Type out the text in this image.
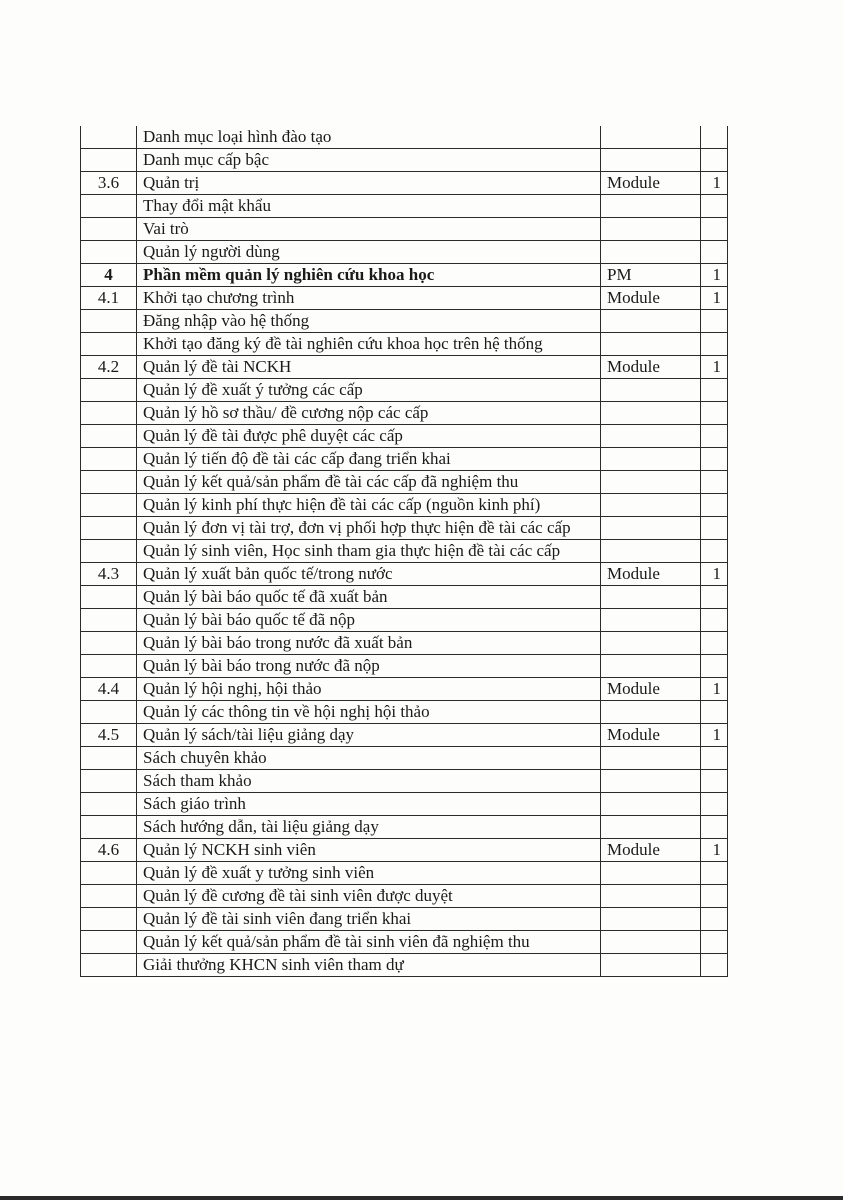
	Danh mục loại hình đào tạo		
	Danh mục cấp bậc		
3.6	Quản trị	Module	1
	Thay đổi mật khẩu		
	Vai trò		
	Quản lý người dùng		
4	Phần mềm quản lý nghiên cứu khoa học	PM	1
4.1	Khởi tạo chương trình	Module	1
	Đăng nhập vào hệ thống		
	Khởi tạo đăng ký đề tài nghiên cứu khoa học trên hệ thống		
4.2	Quản lý đề tài NCKH	Module	1
	Quản lý đề xuất ý tưởng các cấp		
	Quản lý hồ sơ thầu/ đề cương nộp các cấp		
	Quản lý đề tài được phê duyệt các cấp		
	Quản lý tiến độ đề tài các cấp đang triển khai		
	Quản lý kết quả/sản phẩm đề tài các cấp đã nghiệm thu		
	Quản lý kinh phí thực hiện đề tài các cấp (nguồn kinh phí)		
	Quản lý đơn vị tài trợ, đơn vị phối hợp thực hiện đề tài các cấp		
	Quản lý sinh viên, Học sinh tham gia thực hiện đề tài các cấp		
4.3	Quản lý xuất bản quốc tế/trong nước	Module	1
	Quản lý bài báo quốc tế đã xuất bản		
	Quản lý bài báo quốc tế đã nộp		
	Quản lý bài báo trong nước đã xuất bản		
	Quản lý bài báo trong nước đã nộp		
4.4	Quản lý hội nghị, hội thảo	Module	1
	Quản lý các thông tin về hội nghị hội thảo		
4.5	Quản lý sách/tài liệu giảng dạy	Module	1
	Sách chuyên khảo		
	Sách tham khảo		
	Sách giáo trình		
	Sách hướng dẫn, tài liệu giảng dạy		
4.6	Quản lý NCKH sinh viên	Module	1
	Quản lý đề xuất y tưởng sinh viên		
	Quản lý đề cương đề tài sinh viên được duyệt		
	Quản lý đề tài sinh viên đang triển khai		
	Quản lý kết quả/sản phẩm đề tài sinh viên đã nghiệm thu		
	Giải thưởng KHCN sinh viên tham dự		
